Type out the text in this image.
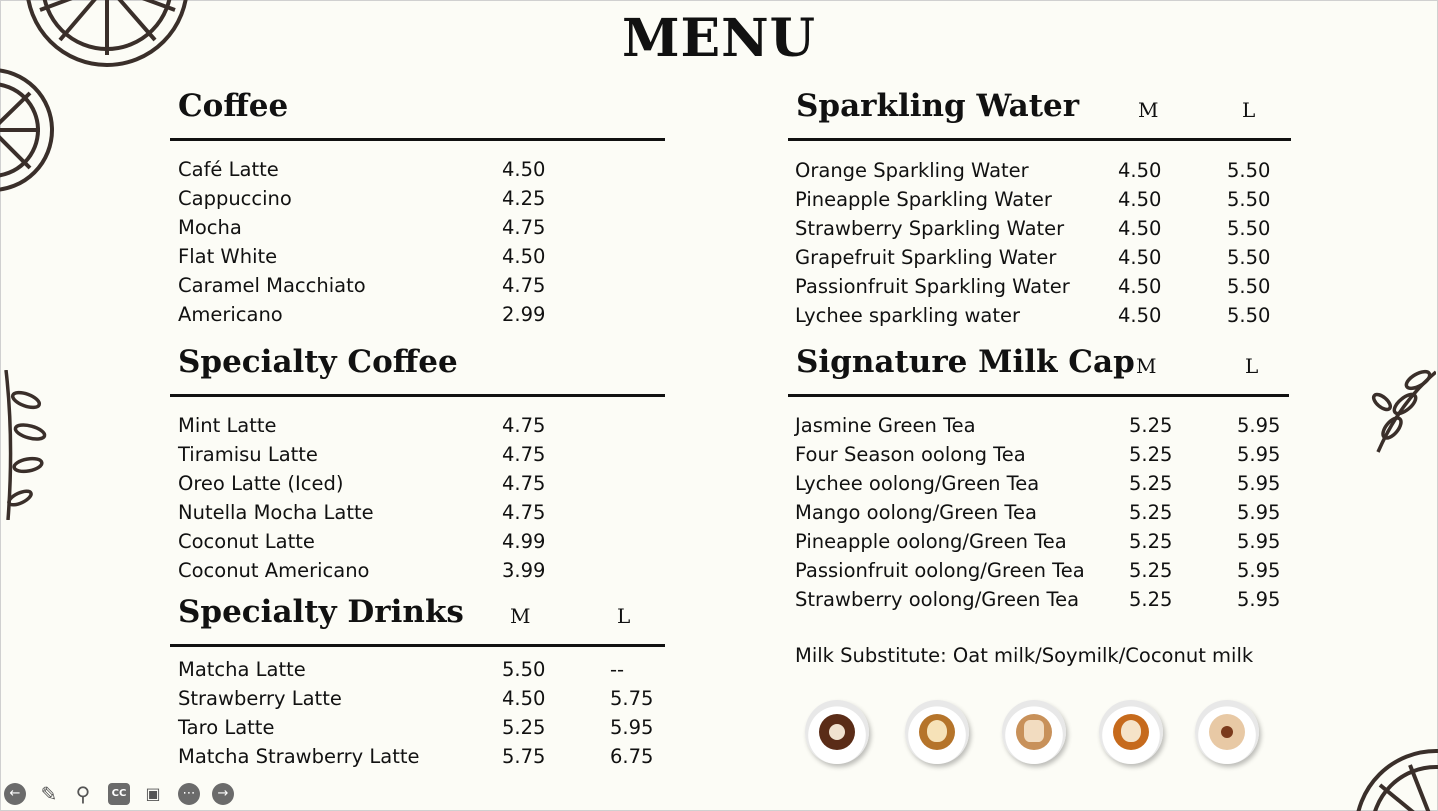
MENU
Coffee
Café Latte	4.50
Cappuccino	4.25
Mocha	4.75
Flat White	4.50
Caramel Macchiato	4.75
Americano	2.99
Specialty Coffee
Mint Latte	4.75
Tiramisu Latte	4.75
Oreo Latte (Iced)	4.75
Nutella Mocha Latte	4.75
Coconut Latte	4.99
Coconut Americano	3.99
Specialty Drinks M	L
Matcha Latte	5.50	--
Strawberry Latte	4.50	5.75
Taro Latte	5.25	5.95
Matcha Strawberry Latte	5.75	6.75
Sparkling Water	M	L
Orange Sparkling Water	4.50	5.50
Pineapple Sparkling Water	4.50	5.50
Strawberry Sparkling Water	4.50	5.50
Grapefruit Sparkling Water	4.50	5.50
Passionfruit Sparkling Water 4.50	5.50
Lychee sparkling water	4.50	5.50
Signature Milk Cap M	L
Jasmine Green Tea	5.25	5.95
Four Season oolong Tea	5.25	5.95
Lychee oolong/Green Tea	5.25	5.95
Mango oolong/Green Tea	5.25	5.95
Pineapple oolong/Green Tea	5.25	5.95
Passionfruit oolong/Green Tea 5.25	5.95
Strawberry oolong/Green Tea	5.25	5.95
Milk Substitute: Oat milk/Soymilk/Coconut milk
← ✎ ⚲	CC ▣	⋯	→
